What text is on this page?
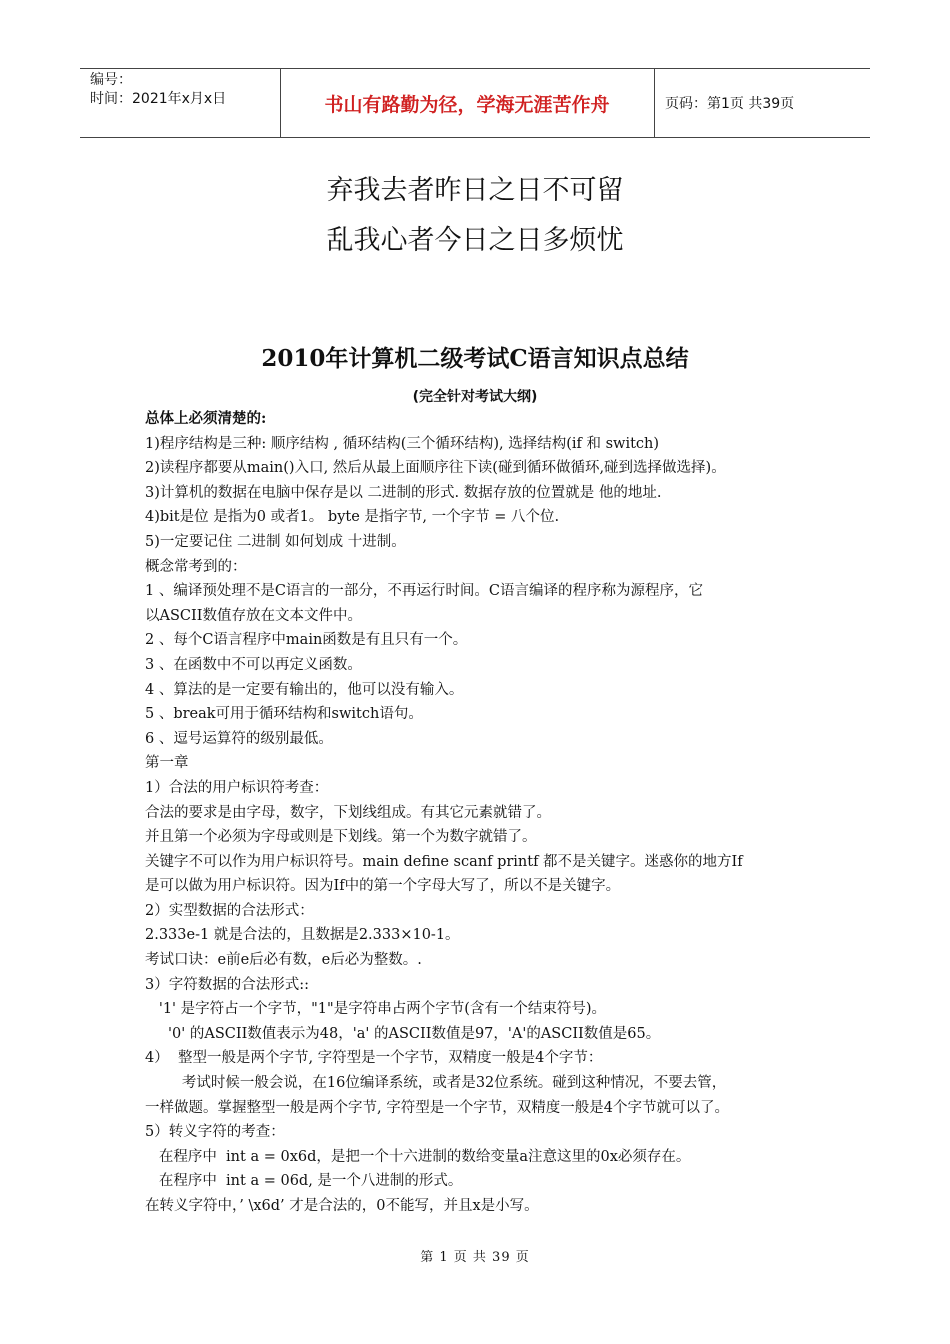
编号：
时间：2021年x月x日	书山有路勤为径，学海无涯苦作舟	页码：第1页 共39页
弃我去者昨日之日不可留
乱我心者今日之日多烦忧
2010年计算机二级考试C语言知识点总结
(完全针对考试大纲)

总体上必须清楚的:

1)程序结构是三种: 顺序结构 , 循环结构(三个循环结构), 选择结构(if 和 switch)

2)读程序都要从main()入口, 然后从最上面顺序往下读(碰到循环做循环,碰到选择做选择)。

3)计算机的数据在电脑中保存是以 二进制的形式. 数据存放的位置就是 他的地址.

4)bit是位 是指为0 或者1。 byte 是指字节, 一个字节 = 八个位.

5)一定要记住 二进制 如何划成 十进制。

概念常考到的：

1 、编译预处理不是C语言的一部分，不再运行时间。C语言编译的程序称为源程序，它

以ASCII数值存放在文本文件中。

2 、每个C语言程序中main函数是有且只有一个。

3 、在函数中不可以再定义函数。

4 、算法的是一定要有输出的，他可以没有输入。

5 、break可用于循环结构和switch语句。

6 、逗号运算符的级别最低。

第一章

1）合法的用户标识符考查：

合法的要求是由字母，数字，下划线组成。有其它元素就错了。

并且第一个必须为字母或则是下划线。第一个为数字就错了。

关键字不可以作为用户标识符号。main define scanf printf 都不是关键字。迷惑你的地方If

是可以做为用户标识符。因为If中的第一个字母大写了，所以不是关键字。

2）实型数据的合法形式：

2.333e-1 就是合法的，且数据是2.333×10-1。

考试口诀：e前e后必有数，e后必为整数。.

3）字符数据的合法形式::

'1' 是字符占一个字节，"1"是字符串占两个字节(含有一个结束符号)。

'0' 的ASCII数值表示为48，'a' 的ASCII数值是97，'A'的ASCII数值是65。

4）  整型一般是两个字节, 字符型是一个字节，双精度一般是4个字节：

考试时候一般会说，在16位编译系统，或者是32位系统。碰到这种情况，不要去管，

一样做题。掌握整型一般是两个字节, 字符型是一个字节，双精度一般是4个字节就可以了。

5）转义字符的考查：

在程序中  int a = 0x6d，是把一个十六进制的数给变量a注意这里的0x必须存在。

在程序中  int a = 06d, 是一个八进制的形式。

在转义字符中，’ \x6d’ 才是合法的，0不能写，并且x是小写。

第 1 页 共 39 页
